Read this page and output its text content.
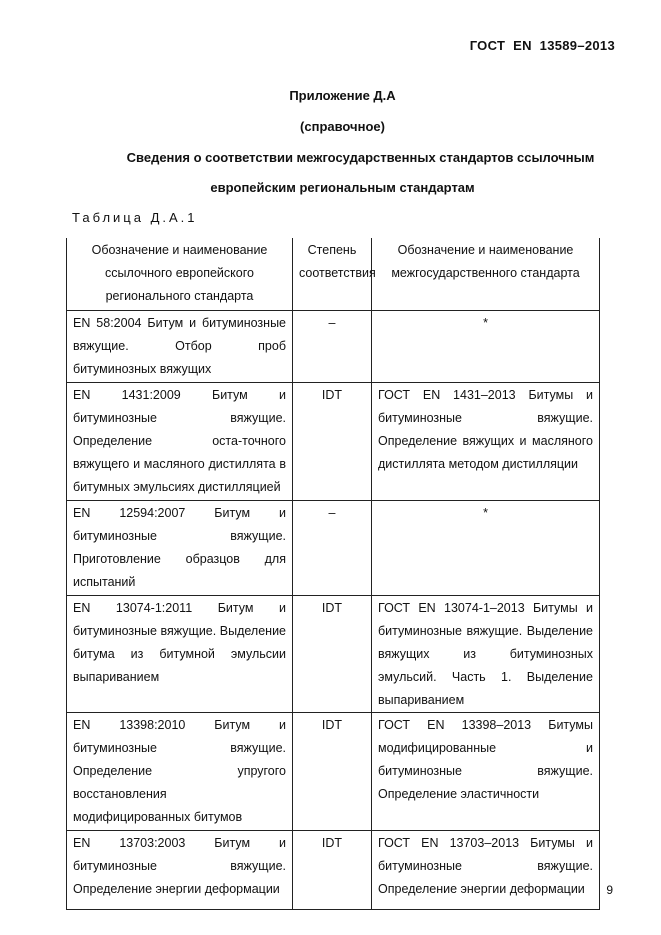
ГОСТ EN 13589–2013
Приложение Д.А
(справочное)
Сведения о соответствии межгосударственных стандартов ссылочным
европейским региональным стандартам
Таблица Д.А.1
Обозначение и наименование ссылочного европейского регионального стандарта	Степень соответствия	Обозначение и наименование межгосударственного стандарта
EN 58:2004 Битум и битуминозные вяжущие. Отбор проб битуминозных вяжущих	–	*
EN 1431:2009 Битум и битуминозные вяжущие. Определение оста-точного вяжущего и масляного дистиллята в битумных эмульсиях дистилляцией	IDT	ГОСТ EN 1431–2013 Битумы и битуминозные вяжущие. Определение вяжущих и масляного дистиллята методом дистилляции
EN 12594:2007 Битум и битуминозные вяжущие. Приготовление образцов для испытаний	–	*
EN 13074-1:2011 Битум и битуминозные вяжущие. Выделение битума из битумной эмульсии выпариванием	IDT	ГОСТ EN 13074-1–2013 Битумы и битуминозные вяжущие. Выделение вяжущих из битуминозных эмульсий. Часть 1. Выделение выпариванием
EN 13398:2010 Битум и битуминозные вяжущие. Определение упругого восстановления модифицированных битумов	IDT	ГОСТ EN 13398–2013 Битумы модифицированные и битуминозные вяжущие. Определение эластичности
EN 13703:2003 Битум и битуминозные вяжущие. Определение энергии деформации	IDT	ГОСТ EN 13703–2013 Битумы и битуминозные вяжущие. Определение энергии деформации 9
